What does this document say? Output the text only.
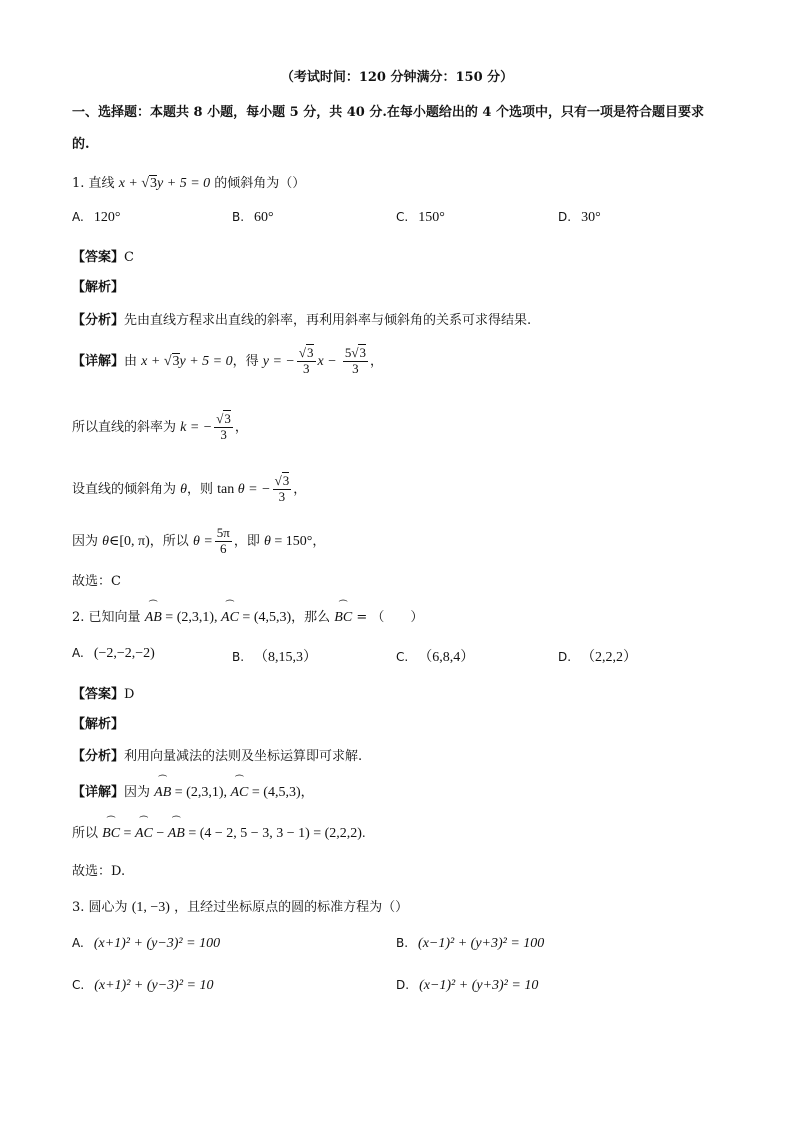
（考试时间：120 分钟满分：150 分）
一、选择题：本题共 8 小题，每小题 5 分，共 40 分.在每小题给出的 4 个选项中，只有一项是符合题目要求
的.
1. 直线 x + √3y + 5 = 0 的倾斜角为（）
A. 120°	B. 60°	C. 150°	D. 30°
【答案】C
【解析】
【分析】先由直线方程求出直线的斜率，再利用斜率与倾斜角的关系可求得结果.
【详解】由 x + √3y + 5 = 0，得 y = − $\frac{√3}{3}$ $x - \frac{5√3}{3}$ ，
所以直线的斜率为 k = − $\frac{√3}{3}$ ，
设直线的倾斜角为 θ，则 tan θ = − $\frac{√3}{3}$ ，
因为 θ∈[0, π)，所以 $\theta = \frac{5\pi}{6}$ ，即 θ = 150°，
故选：C
2. 已知向量 ⏜ AB = (2,3,1), ⏜ AC = (4,5,3)，那么 ⏜ BC = （　　）
A. (−2,−2,−2)	B. （8,15,3）	C. （6,8,4）	D. （2,2,2）
【答案】D
【解析】
【分析】利用向量减法的法则及坐标运算即可求解.
【详解】因为 ⏜ AB = (2,3,1), ⏜ AC = (4,5,3)，
所以 ⏜ BC = ⏜ AC − ⏜ AB = (4 − 2, 5 − 3, 3 − 1) = (2,2,2).
故选：D.
3. 圆心为 (1, −3) ，且经过坐标原点的圆的标准方程为（）
A. (x+1)² + (y−3)² = 100	B. (x−1)² + (y+3)² = 100
C. (x+1)² + (y−3)² = 10	D. (x−1)² + (y+3)² = 10
